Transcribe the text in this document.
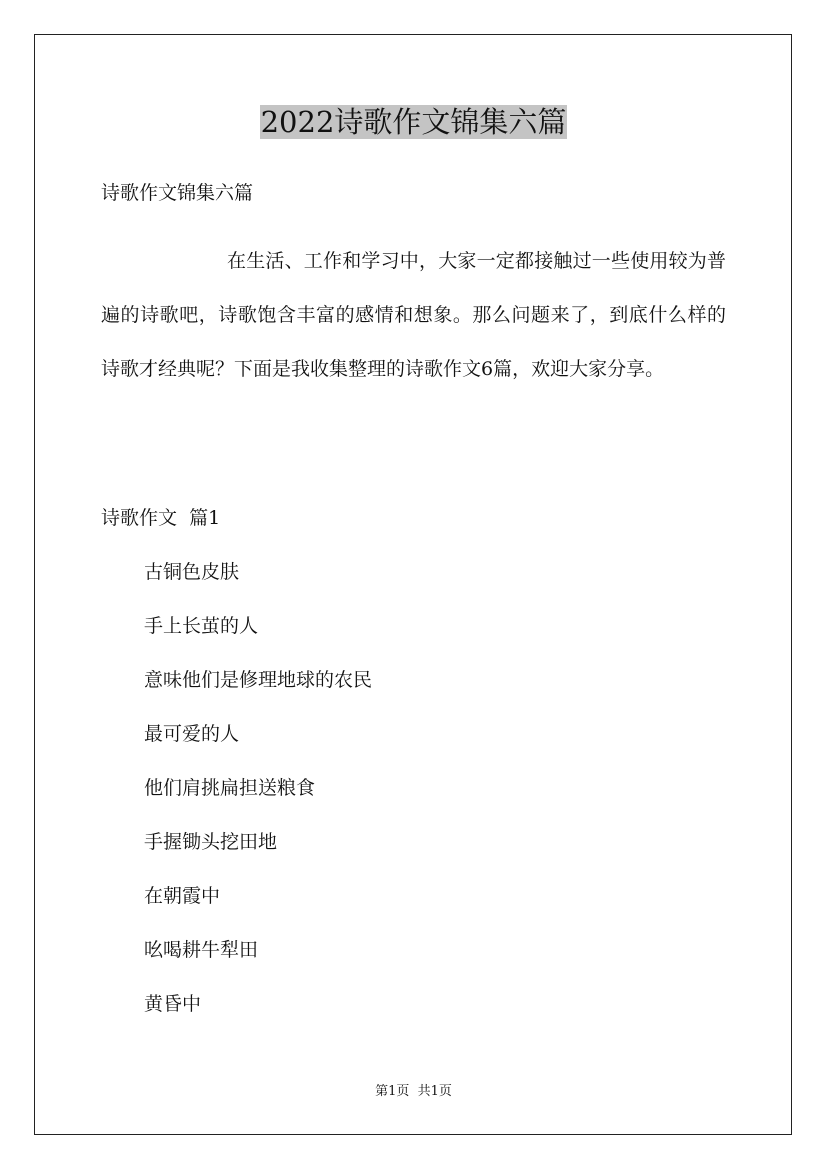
2022诗歌作文锦集六篇
诗歌作文锦集六篇

在生活、工作和学习中，大家一定都接触过一些使用较为普遍的诗歌吧，诗歌饱含丰富的感情和想象。那么问题来了，到底什么样的诗歌才经典呢？下面是我收集整理的诗歌作文6篇，欢迎大家分享。

诗歌作文  篇1
古铜色皮肤
手上长茧的人
意味他们是修理地球的农民
最可爱的人
他们肩挑扁担送粮食
手握锄头挖田地
在朝霞中
吆喝耕牛犁田
黄昏中
第1页  共1页
